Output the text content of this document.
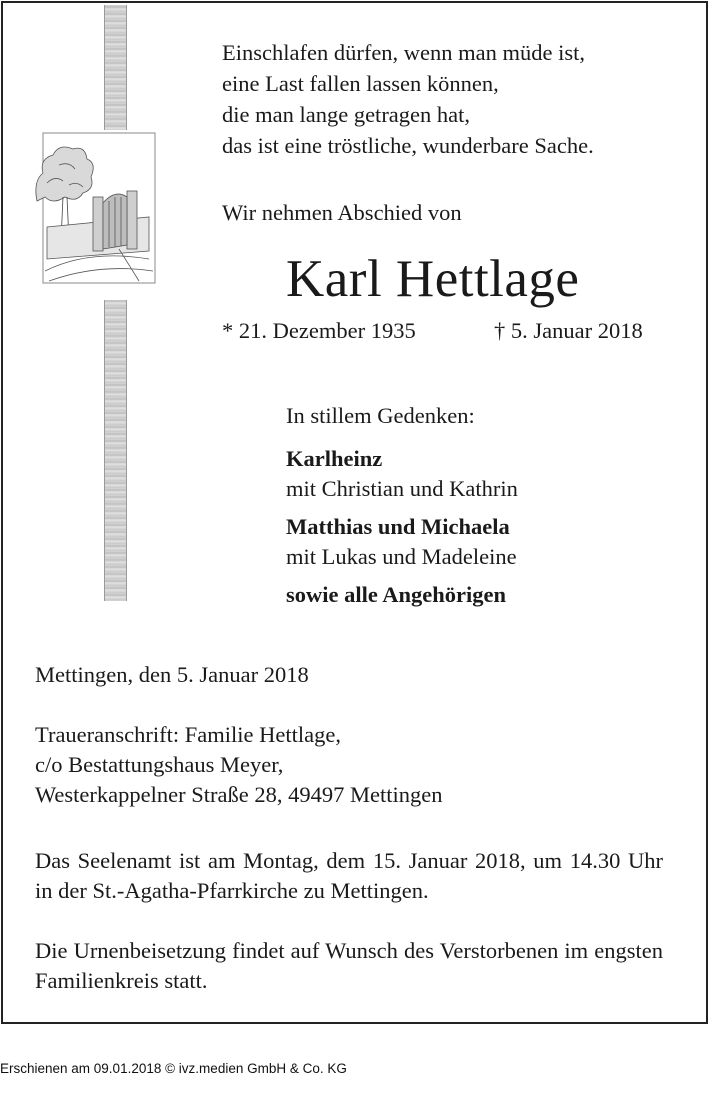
Einschlafen dürfen, wenn man müde ist,
eine Last fallen lassen können,
die man lange getragen hat,
das ist eine tröstliche, wunderbare Sache.
Wir nehmen Abschied von
Karl Hettlage
* 21. Dezember 1935	† 5. Januar 2018
In stillem Gedenken:
Karlheinz
mit Christian und Kathrin
Matthias und Michaela
mit Lukas und Madeleine
sowie alle Angehörigen
Mettingen, den 5. Januar 2018
Traueranschrift: Familie Hettlage,
c/o Bestattungshaus Meyer,
Westerkappelner Straße 28, 49497 Mettingen
Das Seelenamt ist am Montag, dem 15. Januar 2018, um 14.30 Uhr in der St.-Agatha-Pfarrkirche zu Mettingen.
Die Urnenbeisetzung findet auf Wunsch des Verstorbenen im engsten Familienkreis statt.
Erschienen am 09.01.2018 © ivz.medien GmbH & Co. KG
